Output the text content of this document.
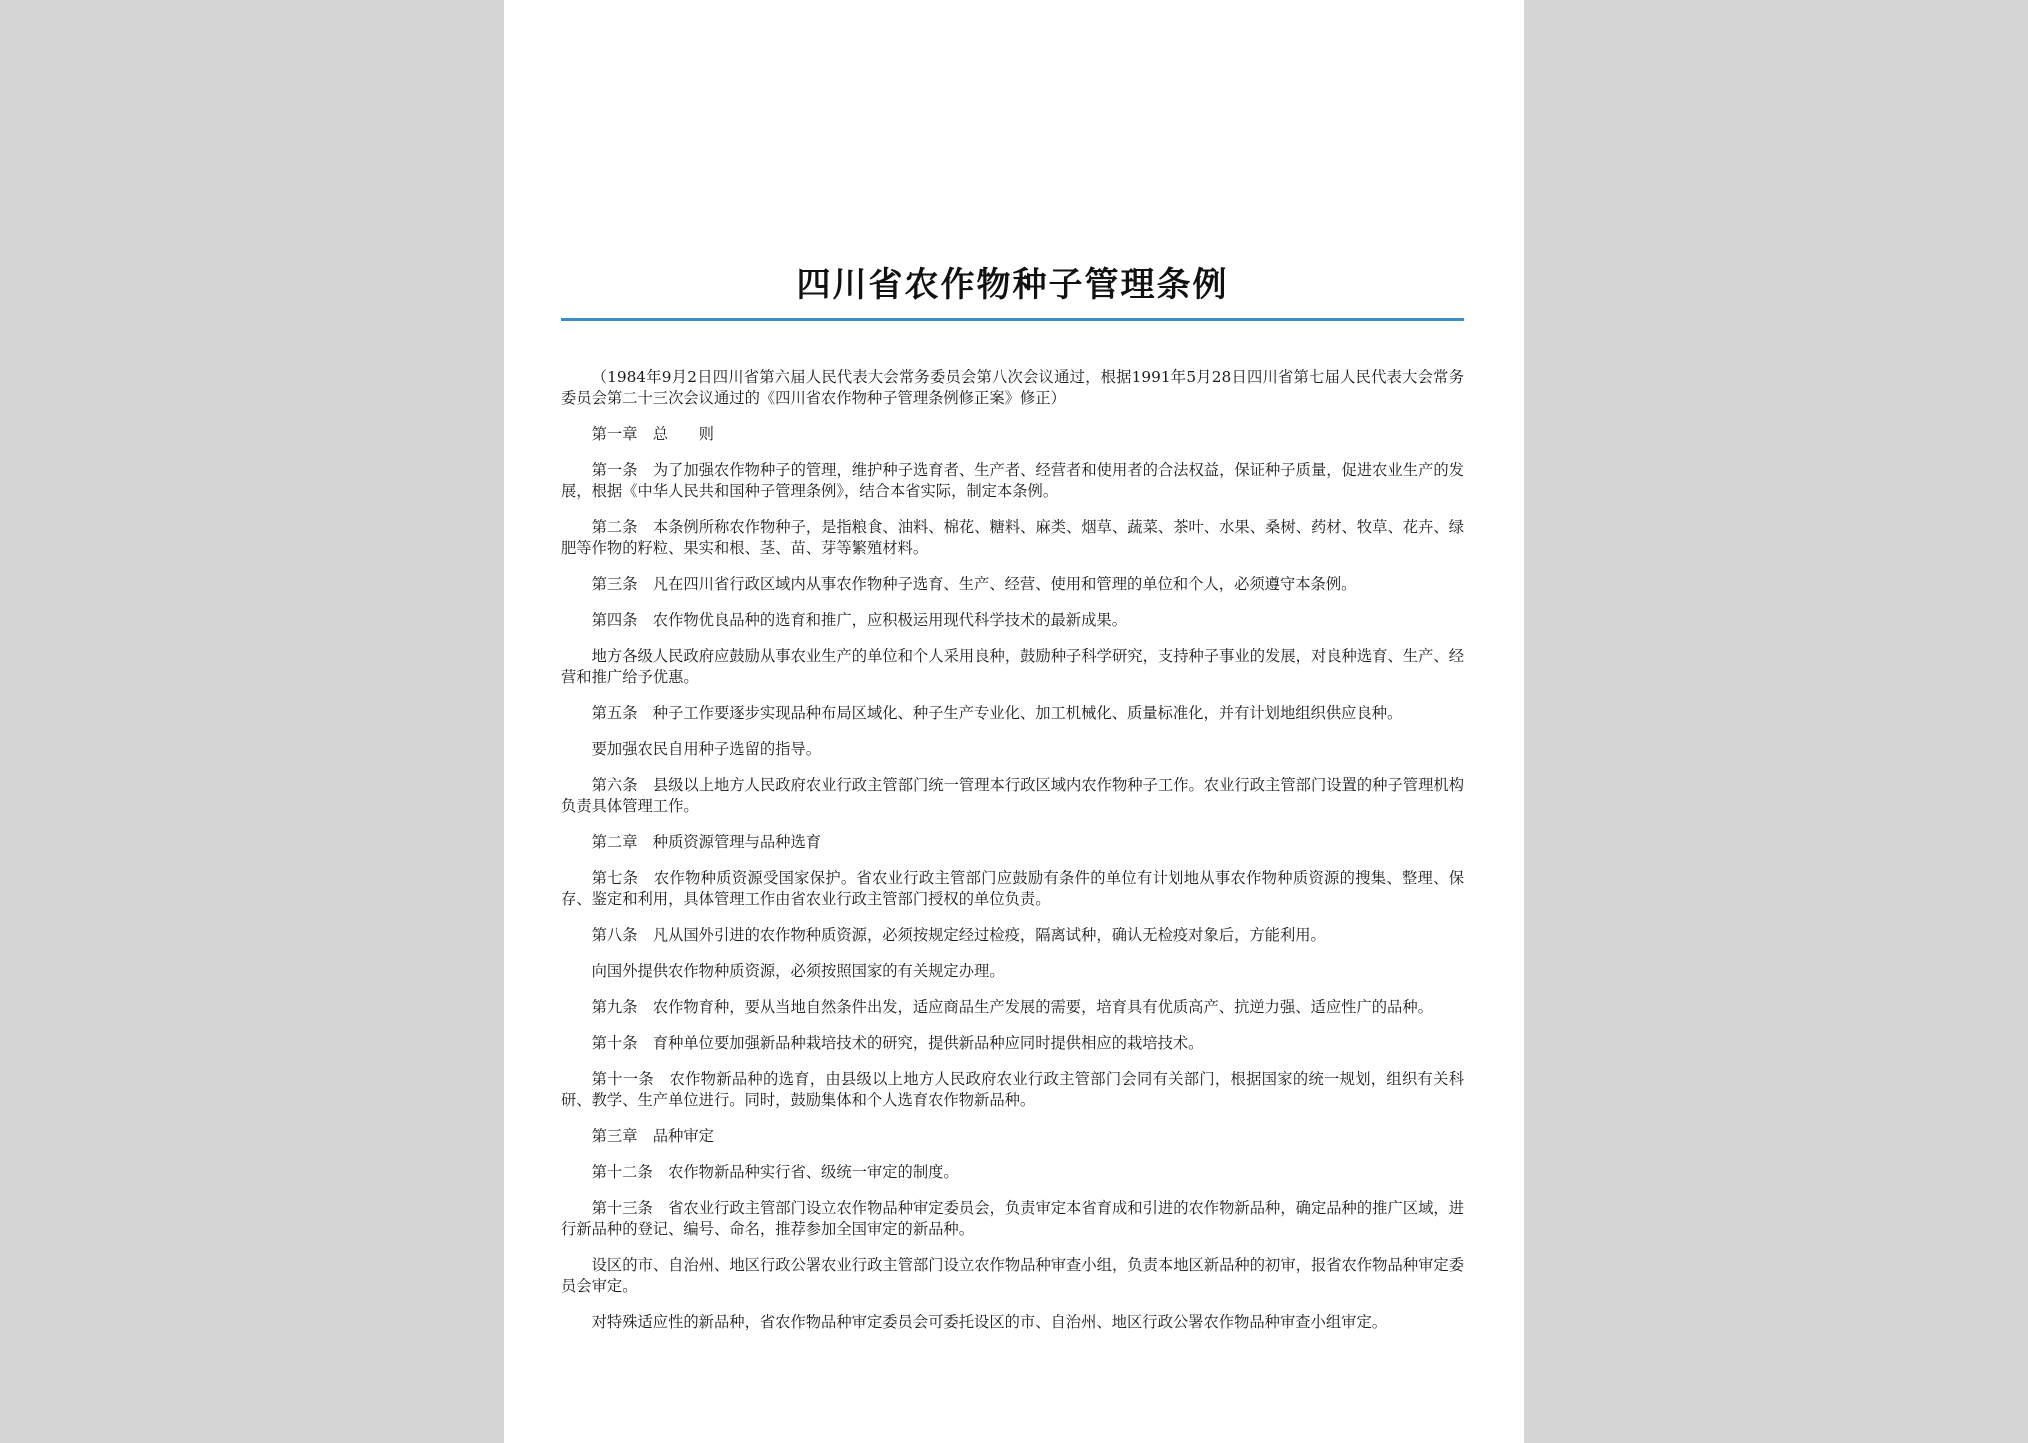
四川省农作物种子管理条例

（1984年9月2日四川省第六届人民代表大会常务委员会第八次会议通过，根据1991年5月28日四川省第七届人民代表大会常务委员会第二十三次会议通过的《四川省农作物种子管理条例修正案》修正）

第一章　总　　则

第一条　为了加强农作物种子的管理，维护种子选育者、生产者、经营者和使用者的合法权益，保证种子质量，促进农业生产的发展，根据《中华人民共和国种子管理条例》，结合本省实际，制定本条例。

第二条　本条例所称农作物种子，是指粮食、油料、棉花、糖料、麻类、烟草、蔬菜、茶叶、水果、桑树、药材、牧草、花卉、绿肥等作物的籽粒、果实和根、茎、苗、芽等繁殖材料。

第三条　凡在四川省行政区域内从事农作物种子选育、生产、经营、使用和管理的单位和个人，必须遵守本条例。

第四条　农作物优良品种的选育和推广，应积极运用现代科学技术的最新成果。

地方各级人民政府应鼓励从事农业生产的单位和个人采用良种，鼓励种子科学研究，支持种子事业的发展，对良种选育、生产、经营和推广给予优惠。

第五条　种子工作要逐步实现品种布局区域化、种子生产专业化、加工机械化、质量标准化，并有计划地组织供应良种。

要加强农民自用种子选留的指导。

第六条　县级以上地方人民政府农业行政主管部门统一管理本行政区域内农作物种子工作。农业行政主管部门设置的种子管理机构负责具体管理工作。

第二章　种质资源管理与品种选育

第七条　农作物种质资源受国家保护。省农业行政主管部门应鼓励有条件的单位有计划地从事农作物种质资源的搜集、整理、保存、鉴定和利用，具体管理工作由省农业行政主管部门授权的单位负责。

第八条　凡从国外引进的农作物种质资源，必须按规定经过检疫，隔离试种，确认无检疫对象后，方能利用。

向国外提供农作物种质资源，必须按照国家的有关规定办理。

第九条　农作物育种，要从当地自然条件出发，适应商品生产发展的需要，培育具有优质高产、抗逆力强、适应性广的品种。

第十条　育种单位要加强新品种栽培技术的研究，提供新品种应同时提供相应的栽培技术。

第十一条　农作物新品种的选育，由县级以上地方人民政府农业行政主管部门会同有关部门，根据国家的统一规划，组织有关科研、教学、生产单位进行。同时，鼓励集体和个人选育农作物新品种。

第三章　品种审定

第十二条　农作物新品种实行省、级统一审定的制度。

第十三条　省农业行政主管部门设立农作物品种审定委员会，负责审定本省育成和引进的农作物新品种，确定品种的推广区域，进行新品种的登记、编号、命名，推荐参加全国审定的新品种。

设区的市、自治州、地区行政公署农业行政主管部门设立农作物品种审查小组，负责本地区新品种的初审，报省农作物品种审定委员会审定。

对特殊适应性的新品种，省农作物品种审定委员会可委托设区的市、自治州、地区行政公署农作物品种审查小组审定。
